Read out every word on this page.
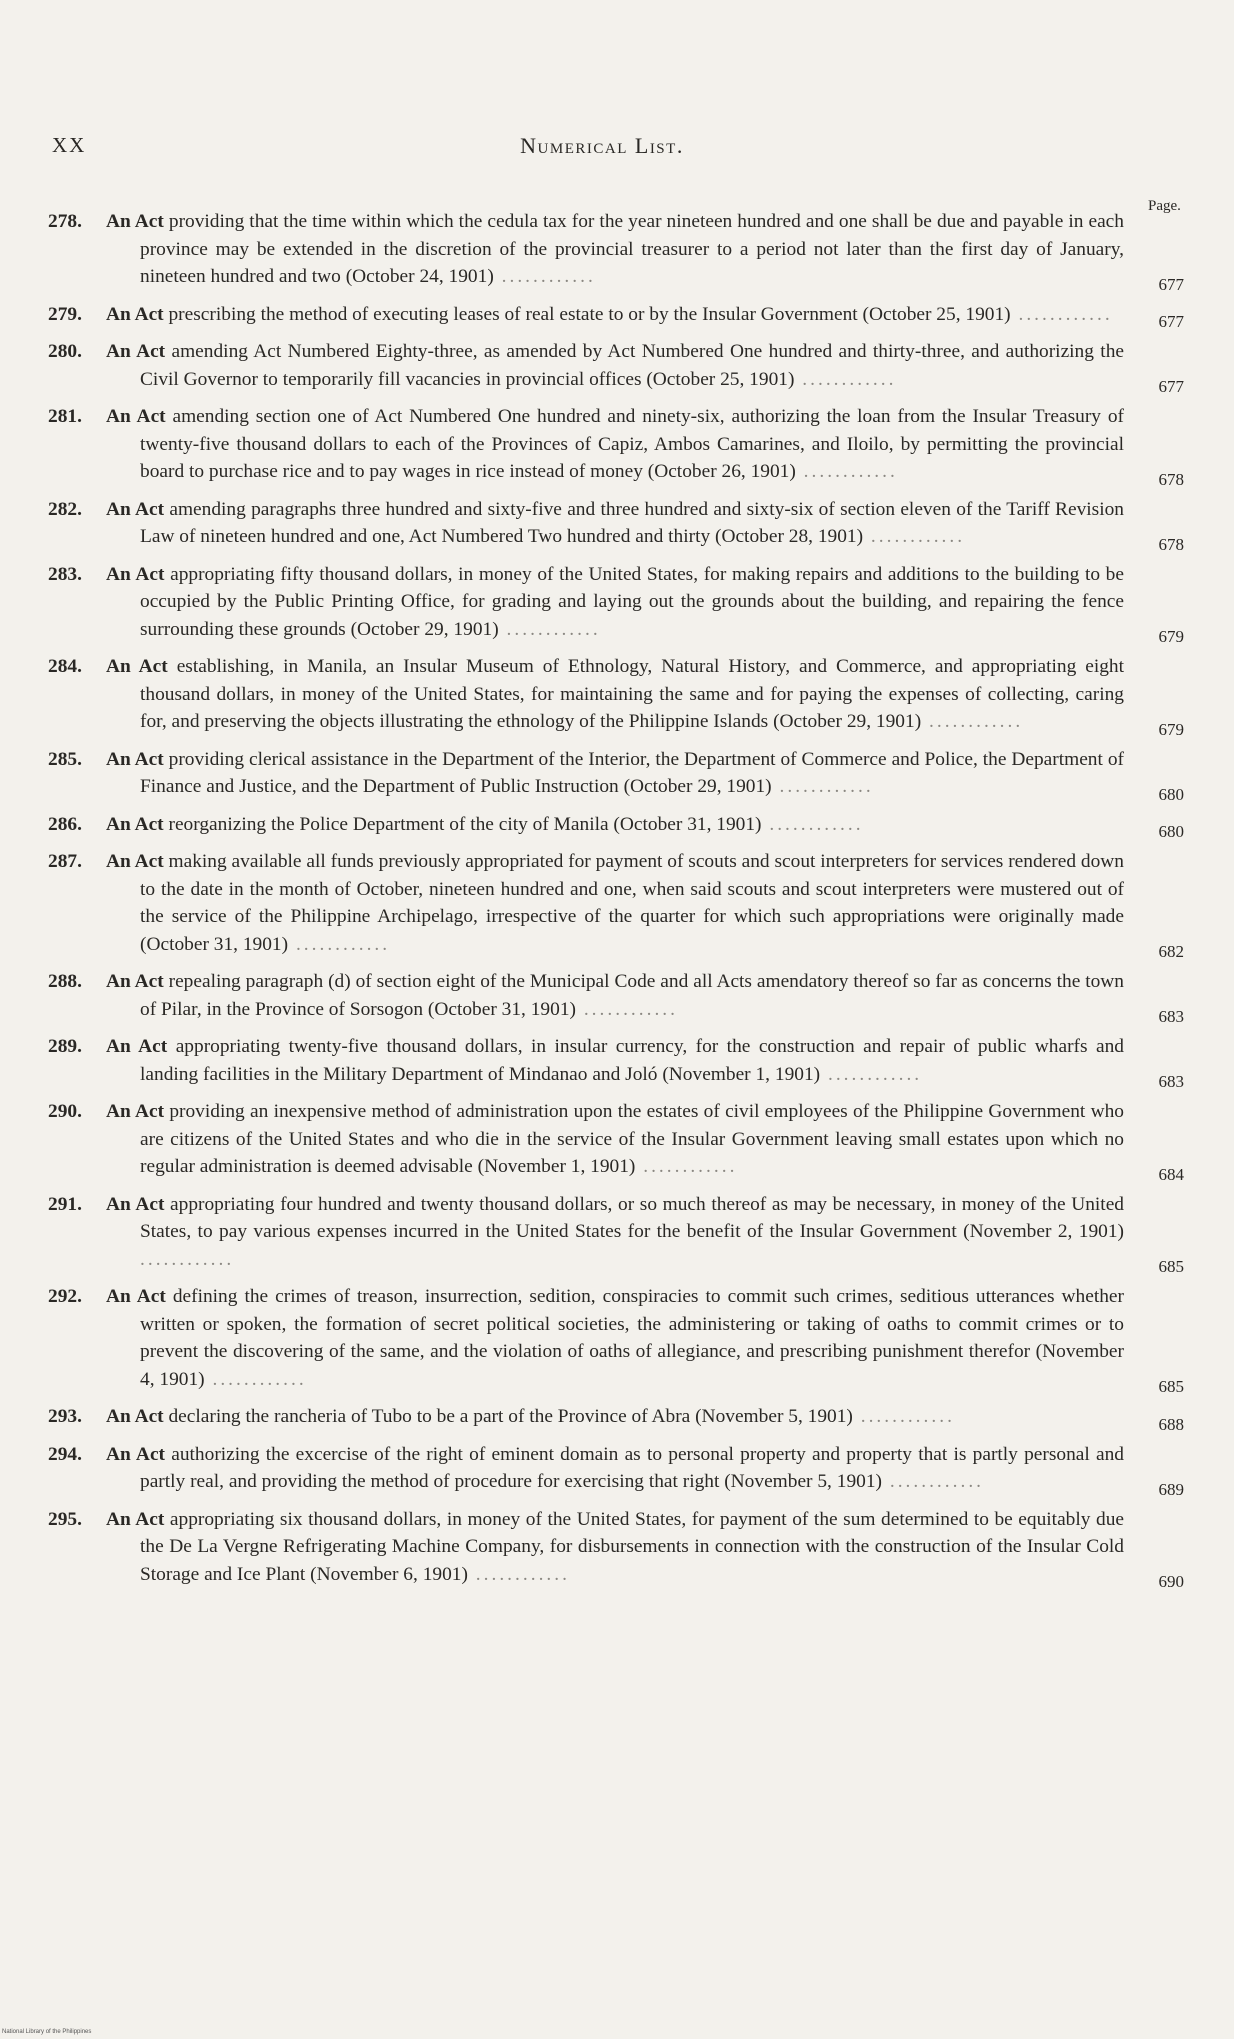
XX	Numerical List.
Page.
278. An Act providing that the time within which the cedula tax for the year nineteen hundred and one shall be due and payable in each province may be extended in the discretion of the provincial treasurer to a period not later than the first day of January, nineteen hundred and two (October 24, 1901) ............	677
279. An Act prescribing the method of executing leases of real estate to or by the Insular Government (October 25, 1901) ............	677
280. An Act amending Act Numbered Eighty-three, as amended by Act Numbered One hundred and thirty-three, and authorizing the Civil Governor to temporarily fill vacancies in provincial offices (October 25, 1901) ............	677
281. An Act amending section one of Act Numbered One hundred and ninety-six, authorizing the loan from the Insular Treasury of twenty-five thousand dollars to each of the Provinces of Capiz, Ambos Camarines, and Iloilo, by permitting the provincial board to purchase rice and to pay wages in rice instead of money (October 26, 1901) ............	678
282. An Act amending paragraphs three hundred and sixty-five and three hundred and sixty-six of section eleven of the Tariff Revision Law of nineteen hundred and one, Act Numbered Two hundred and thirty (October 28, 1901) ............	678
283. An Act appropriating fifty thousand dollars, in money of the United States, for making repairs and additions to the building to be occupied by the Public Printing Office, for grading and laying out the grounds about the building, and repairing the fence surrounding these grounds (October 29, 1901) ............	679
284. An Act establishing, in Manila, an Insular Museum of Ethnology, Natural History, and Commerce, and appropriating eight thousand dollars, in money of the United States, for maintaining the same and for paying the expenses of collecting, caring for, and preserving the objects illustrating the ethnology of the Philippine Islands (October 29, 1901) ............	679
285. An Act providing clerical assistance in the Department of the Interior, the Department of Commerce and Police, the Department of Finance and Justice, and the Department of Public Instruction (October 29, 1901) ............	680
286. An Act reorganizing the Police Department of the city of Manila (October 31, 1901) ............	680
287. An Act making available all funds previously appropriated for payment of scouts and scout interpreters for services rendered down to the date in the month of October, nineteen hundred and one, when said scouts and scout interpreters were mustered out of the service of the Philippine Archipelago, irrespective of the quarter for which such appropriations were originally made (October 31, 1901) ............	682
288. An Act repealing paragraph (d) of section eight of the Municipal Code and all Acts amendatory thereof so far as concerns the town of Pilar, in the Province of Sorsogon (October 31, 1901) ............	683
289. An Act appropriating twenty-five thousand dollars, in insular currency, for the construction and repair of public wharfs and landing facilities in the Military Department of Mindanao and Joló (November 1, 1901) ............	683
290. An Act providing an inexpensive method of administration upon the estates of civil employees of the Philippine Government who are citizens of the United States and who die in the service of the Insular Government leaving small estates upon which no regular administration is deemed advisable (November 1, 1901) ............	684
291. An Act appropriating four hundred and twenty thousand dollars, or so much thereof as may be necessary, in money of the United States, to pay various expenses incurred in the United States for the benefit of the Insular Government (November 2, 1901) ............	685
292. An Act defining the crimes of treason, insurrection, sedition, conspiracies to commit such crimes, seditious utterances whether written or spoken, the formation of secret political societies, the administering or taking of oaths to commit crimes or to prevent the discovering of the same, and the violation of oaths of allegiance, and prescribing punishment therefor (November 4, 1901) ............	685
293. An Act declaring the rancheria of Tubo to be a part of the Province of Abra (November 5, 1901) ............	688
294. An Act authorizing the excercise of the right of eminent domain as to personal property and property that is partly personal and partly real, and providing the method of procedure for exercising that right (November 5, 1901) ............	689
295. An Act appropriating six thousand dollars, in money of the United States, for payment of the sum determined to be equitably due the De La Vergne Refrigerating Machine Company, for disbursements in connection with the construction of the Insular Cold Storage and Ice Plant (November 6, 1901) ............	690
National Library of the Philippines
